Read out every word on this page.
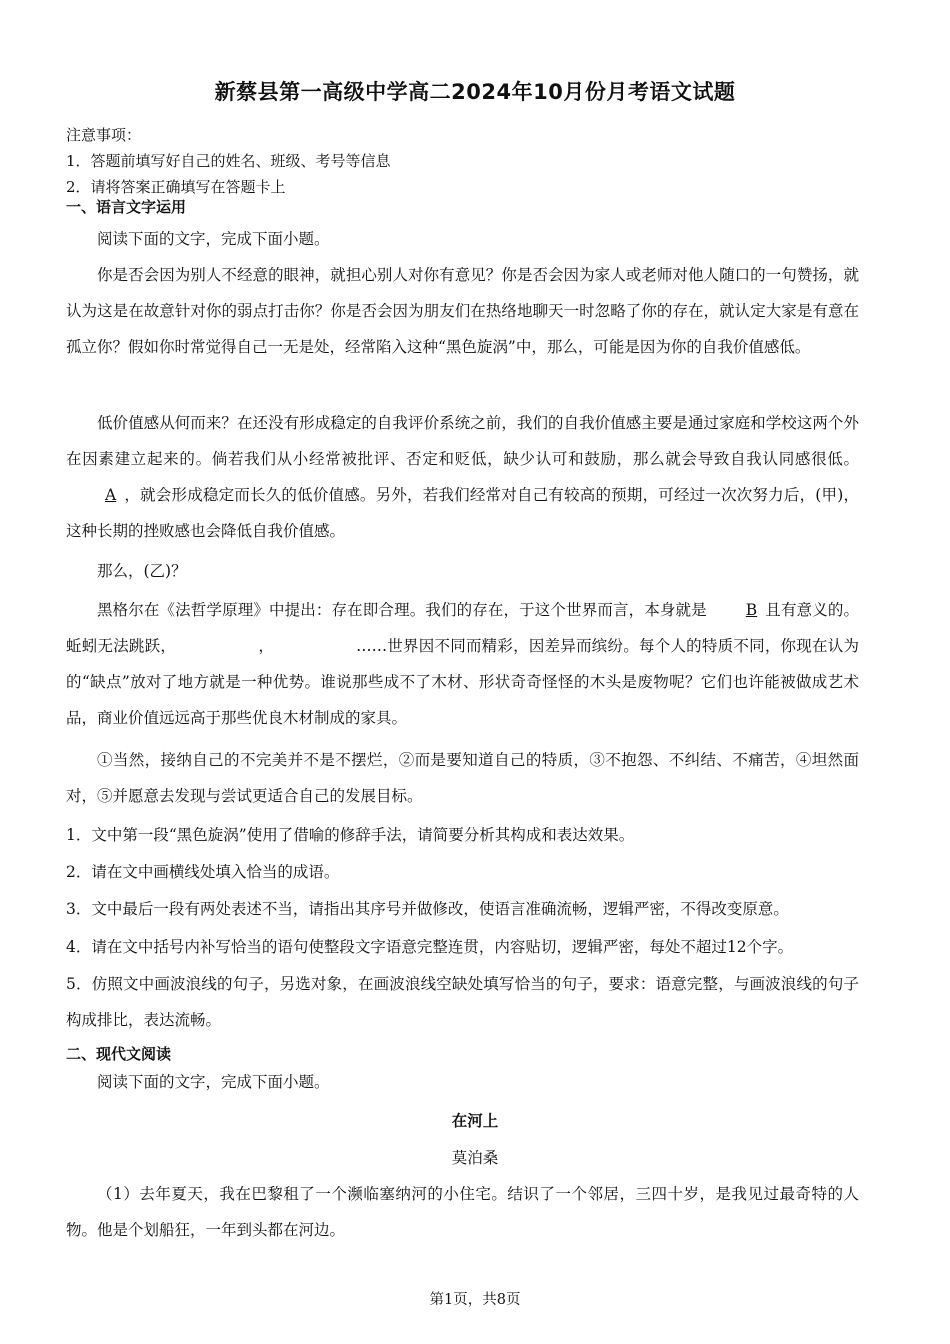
新蔡县第一高级中学高二2024年10月份月考语文试题
注意事项：
1．答题前填写好自己的姓名、班级、考号等信息
2．请将答案正确填写在答题卡上
一、语言文字运用
阅读下面的文字，完成下面小题。
你是否会因为别人不经意的眼神，就担心别人对你有意见？你是否会因为家人或老师对他人随口的一句赞扬，就认为这是在故意针对你的弱点打击你？你是否会因为朋友们在热络地聊天一时忽略了你的存在，就认定大家是有意在孤立你？假如你时常觉得自己一无是处，经常陷入这种“黑色旋涡”中，那么，可能是因为你的自我价值感低。
低价值感从何而来？在还没有形成稳定的自我评价系统之前，我们的自我价值感主要是通过家庭和学校这两个外在因素建立起来的。倘若我们从小经常被批评、否定和贬低，缺少认可和鼓励，那么就会导致自我认同感很低。A ，就会形成稳定而长久的低价值感。另外，若我们经常对自己有较高的预期，可经过一次次努力后，(甲)，这种长期的挫败感也会降低自我价值感。
那么，(乙)？
黑格尔在《法哲学原理》中提出：存在即合理。我们的存在，于这个世界而言，本身就是	B 且有意义的。蚯蚓无法跳跃，	，	……世界因不同而精彩，因差异而缤纷。每个人的特质不同，你现在认为的“缺点”放对了地方就是一种优势。谁说那些成不了木材、形状奇奇怪怪的木头是废物呢？它们也许能被做成艺术品，商业价值远远高于那些优良木材制成的家具。
①当然，接纳自己的不完美并不是不摆烂，②而是要知道自己的特质，③不抱怨、不纠结、不痛苦，④坦然面对，⑤并愿意去发现与尝试更适合自己的发展目标。
1．文中第一段“黑色旋涡”使用了借喻的修辞手法，请简要分析其构成和表达效果。
2．请在文中画横线处填入恰当的成语。
3．文中最后一段有两处表述不当，请指出其序号并做修改，使语言准确流畅，逻辑严密，不得改变原意。
4．请在文中括号内补写恰当的语句使整段文字语意完整连贯，内容贴切，逻辑严密，每处不超过12个字。
5．仿照文中画波浪线的句子，另选对象，在画波浪线空缺处填写恰当的句子，要求：语意完整，与画波浪线的句子构成排比，表达流畅。
二、现代文阅读
阅读下面的文字，完成下面小题。
在河上
莫泊桑
（1）去年夏天，我在巴黎租了一个濒临塞纳河的小住宅。结识了一个邻居，三四十岁，是我见过最奇特的人物。他是个划船狂，一年到头都在河边。
第1页，共8页
